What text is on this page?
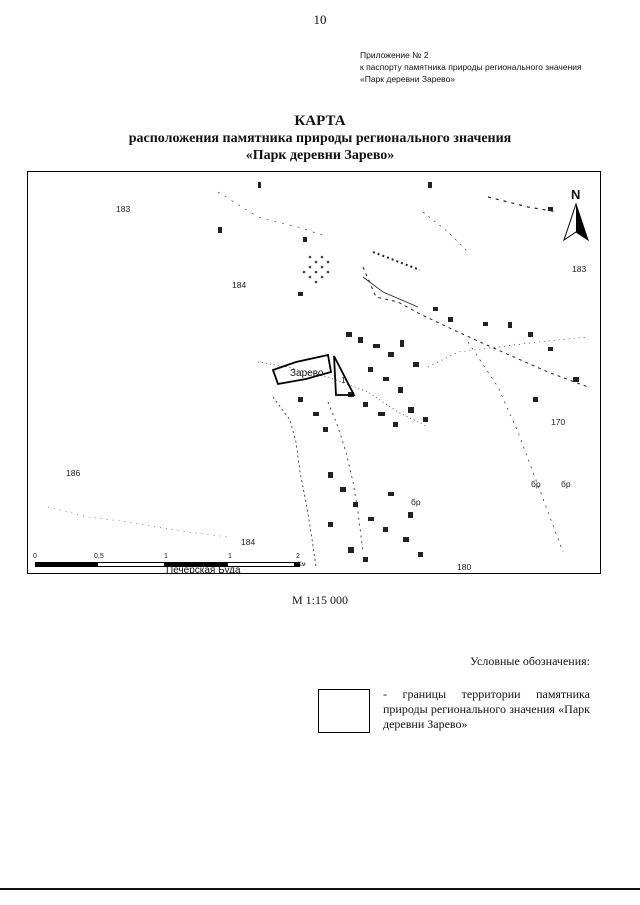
10
Приложение № 2
к паспорту памятника природы регионального значения
«Парк деревни Зарево»
КАРТА
расположения памятника природы регионального значения
«Парк деревни Зарево»
1
Зарево
183
184
183
170
186
184
180
бр бр
бр
N
0	0,5	1	1	2
Км
Печерская Буда
М 1:15 000
Условные обозначения:
- границы территории памятника природы регионального значения «Парк деревни Зарево»
